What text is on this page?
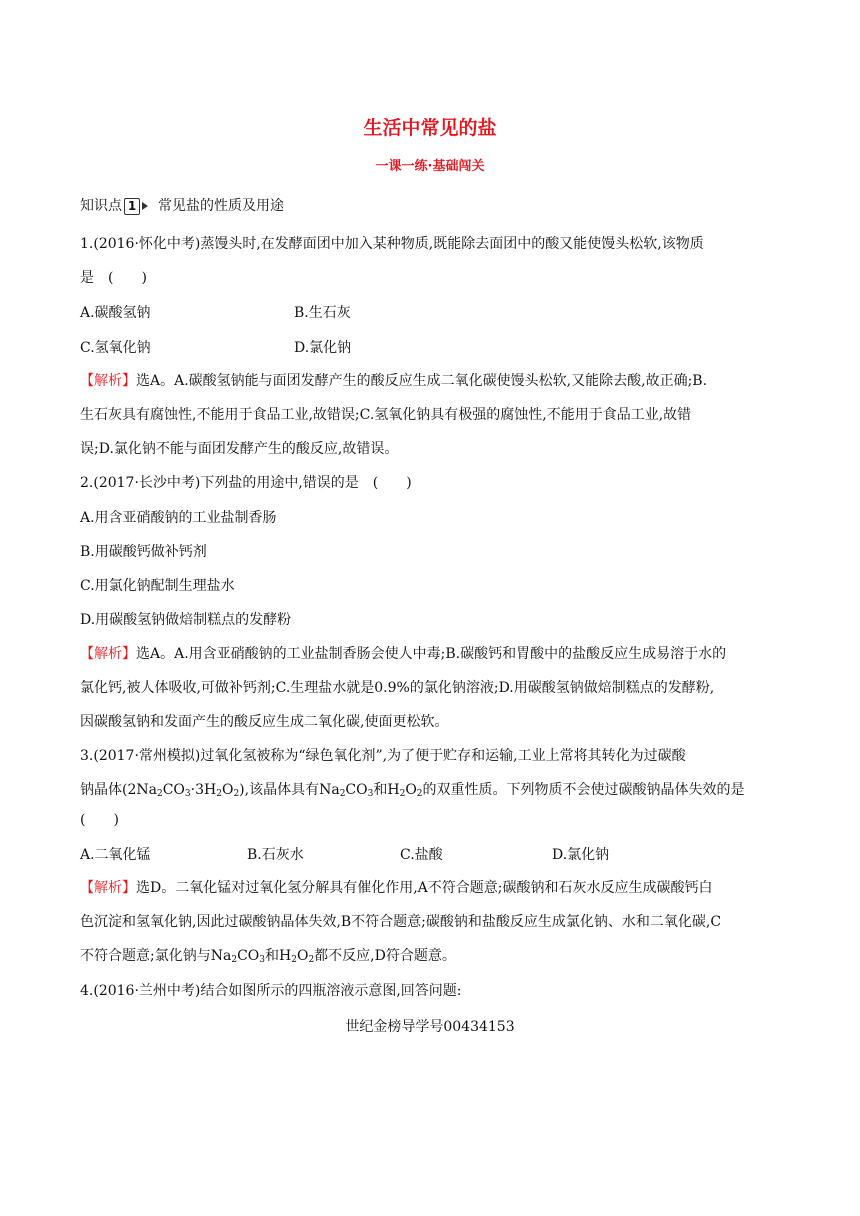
生活中常见的盐
一课一练·基础闯关
知识点 1 常见盐的性质及用途
1.(2016·怀化中考)蒸馒头时,在发酵面团中加入某种物质,既能除去面团中的酸又能使馒头松软,该物质
是　(　　)
A.碳酸氢钠	B.生石灰
C.氢氧化钠	D.氯化钠
【解析】选A。A.碳酸氢钠能与面团发酵产生的酸反应生成二氧化碳使馒头松软,又能除去酸,故正确;B.
生石灰具有腐蚀性,不能用于食品工业,故错误;C.氢氧化钠具有极强的腐蚀性,不能用于食品工业,故错
误;D.氯化钠不能与面团发酵产生的酸反应,故错误。
2.(2017·长沙中考)下列盐的用途中,错误的是　(　　)
A.用含亚硝酸钠的工业盐制香肠
B.用碳酸钙做补钙剂
C.用氯化钠配制生理盐水
D.用碳酸氢钠做焙制糕点的发酵粉
【解析】选A。A.用含亚硝酸钠的工业盐制香肠会使人中毒;B.碳酸钙和胃酸中的盐酸反应生成易溶于水的
氯化钙,被人体吸收,可做补钙剂;C.生理盐水就是0.9%的氯化钠溶液;D.用碳酸氢钠做焙制糕点的发酵粉,
因碳酸氢钠和发面产生的酸反应生成二氧化碳,使面更松软。
3.(2017·常州模拟)过氧化氢被称为“绿色氧化剂”,为了便于贮存和运输,工业上常将其转化为过碳酸
钠晶体$(2Na_2CO_3\cdot 3H_2O_2)$,该晶体具有$Na_2CO_3$和$H_2O_2$的双重性质。下列物质不会使过碳酸钠晶体失效的是
(　　)
A.二氧化锰	B.石灰水	C.盐酸	D.氯化钠
【解析】选D。二氧化锰对过氧化氢分解具有催化作用,A不符合题意;碳酸钠和石灰水反应生成碳酸钙白
色沉淀和氢氧化钠,因此过碳酸钠晶体失效,B不符合题意;碳酸钠和盐酸反应生成氯化钠、水和二氧化碳,C
不符合题意;氯化钠与$Na_2CO_3$和$H_2O_2$都不反应,D符合题意。
4.(2016·兰州中考)结合如图所示的四瓶溶液示意图,回答问题:
世纪金榜导学号00434153
